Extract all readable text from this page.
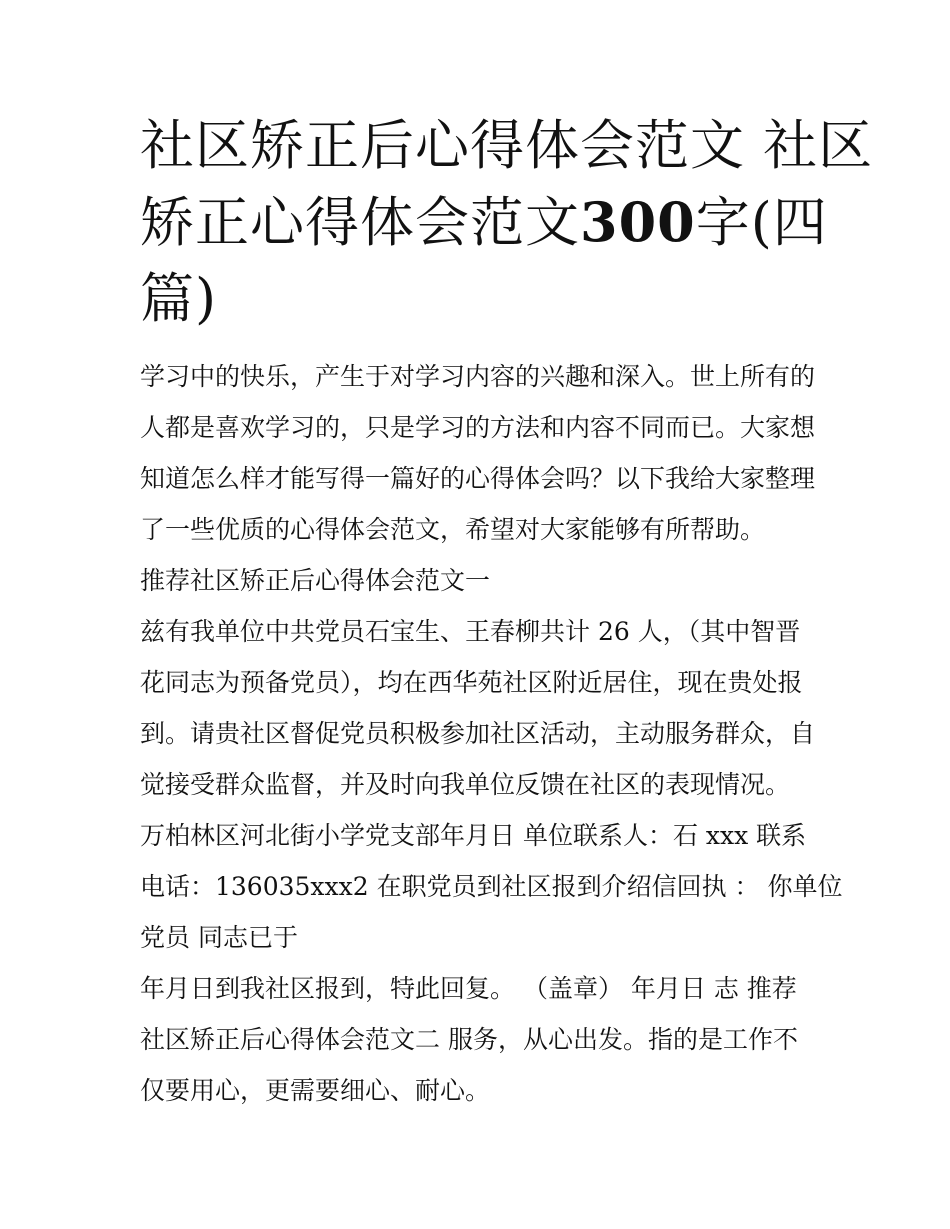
社区矫正后心得体会范文 社区
矫正心得体会范文300字(四
篇)
学习中的快乐，产生于对学习内容的兴趣和深入。世上所有的
人都是喜欢学习的，只是学习的方法和内容不同而已。大家想
知道怎么样才能写得一篇好的心得体会吗？以下我给大家整理
了一些优质的心得体会范文，希望对大家能够有所帮助。
推荐社区矫正后心得体会范文一
兹有我单位中共党员石宝生、王春柳共计 26 人，（其中智晋
花同志为预备党员），均在西华苑社区附近居住，现在贵处报
到。请贵社区督促党员积极参加社区活动，主动服务群众，自
觉接受群众监督，并及时向我单位反馈在社区的表现情况。
万柏林区河北街小学党支部年月日 单位联系人：石 xxx 联系
电话：136035xxx2 在职党员到社区报到介绍信回执 ： 你单位
党员 同志已于
年月日到我社区报到，特此回复。 （盖章） 年月日 志 推荐
社区矫正后心得体会范文二 服务，从心出发。指的是工作不
仅要用心，更需要细心、耐心。
